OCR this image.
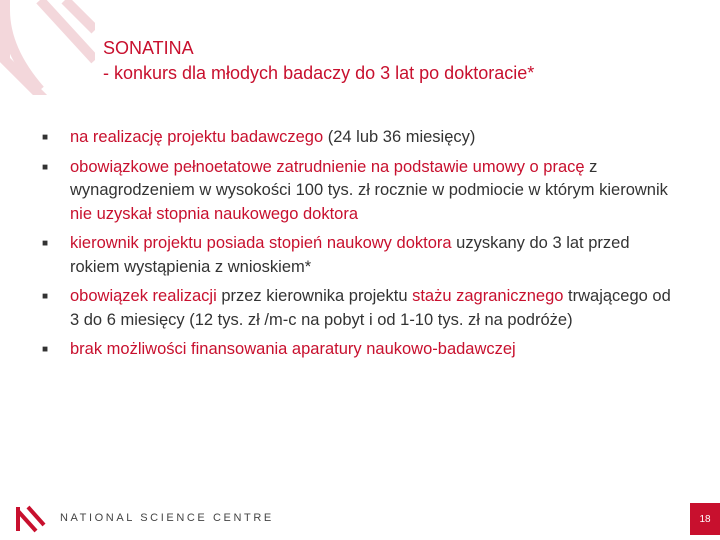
SONATINA
- konkurs dla młodych badaczy do 3 lat po doktoracie*
■ na realizację projektu badawczego (24 lub 36 miesięcy)
■ obowiązkowe pełnoetatowe zatrudnienie na podstawie umowy o pracę z wynagrodzeniem w wysokości 100 tys. zł rocznie w podmiocie w którym kierownik nie uzyskał stopnia naukowego doktora
■ kierownik projektu posiada stopień naukowy doktora uzyskany do 3 lat przed rokiem wystąpienia z wnioskiem*
■ obowiązek realizacji przez kierownika projektu stażu zagranicznego trwającego od 3 do 6 miesięcy (12 tys. zł /m-c na pobyt i od 1-10 tys. zł na podróże)
■ brak możliwości finansowania aparatury naukowo-badawczej
NATIONAL SCIENCE CENTRE	18
